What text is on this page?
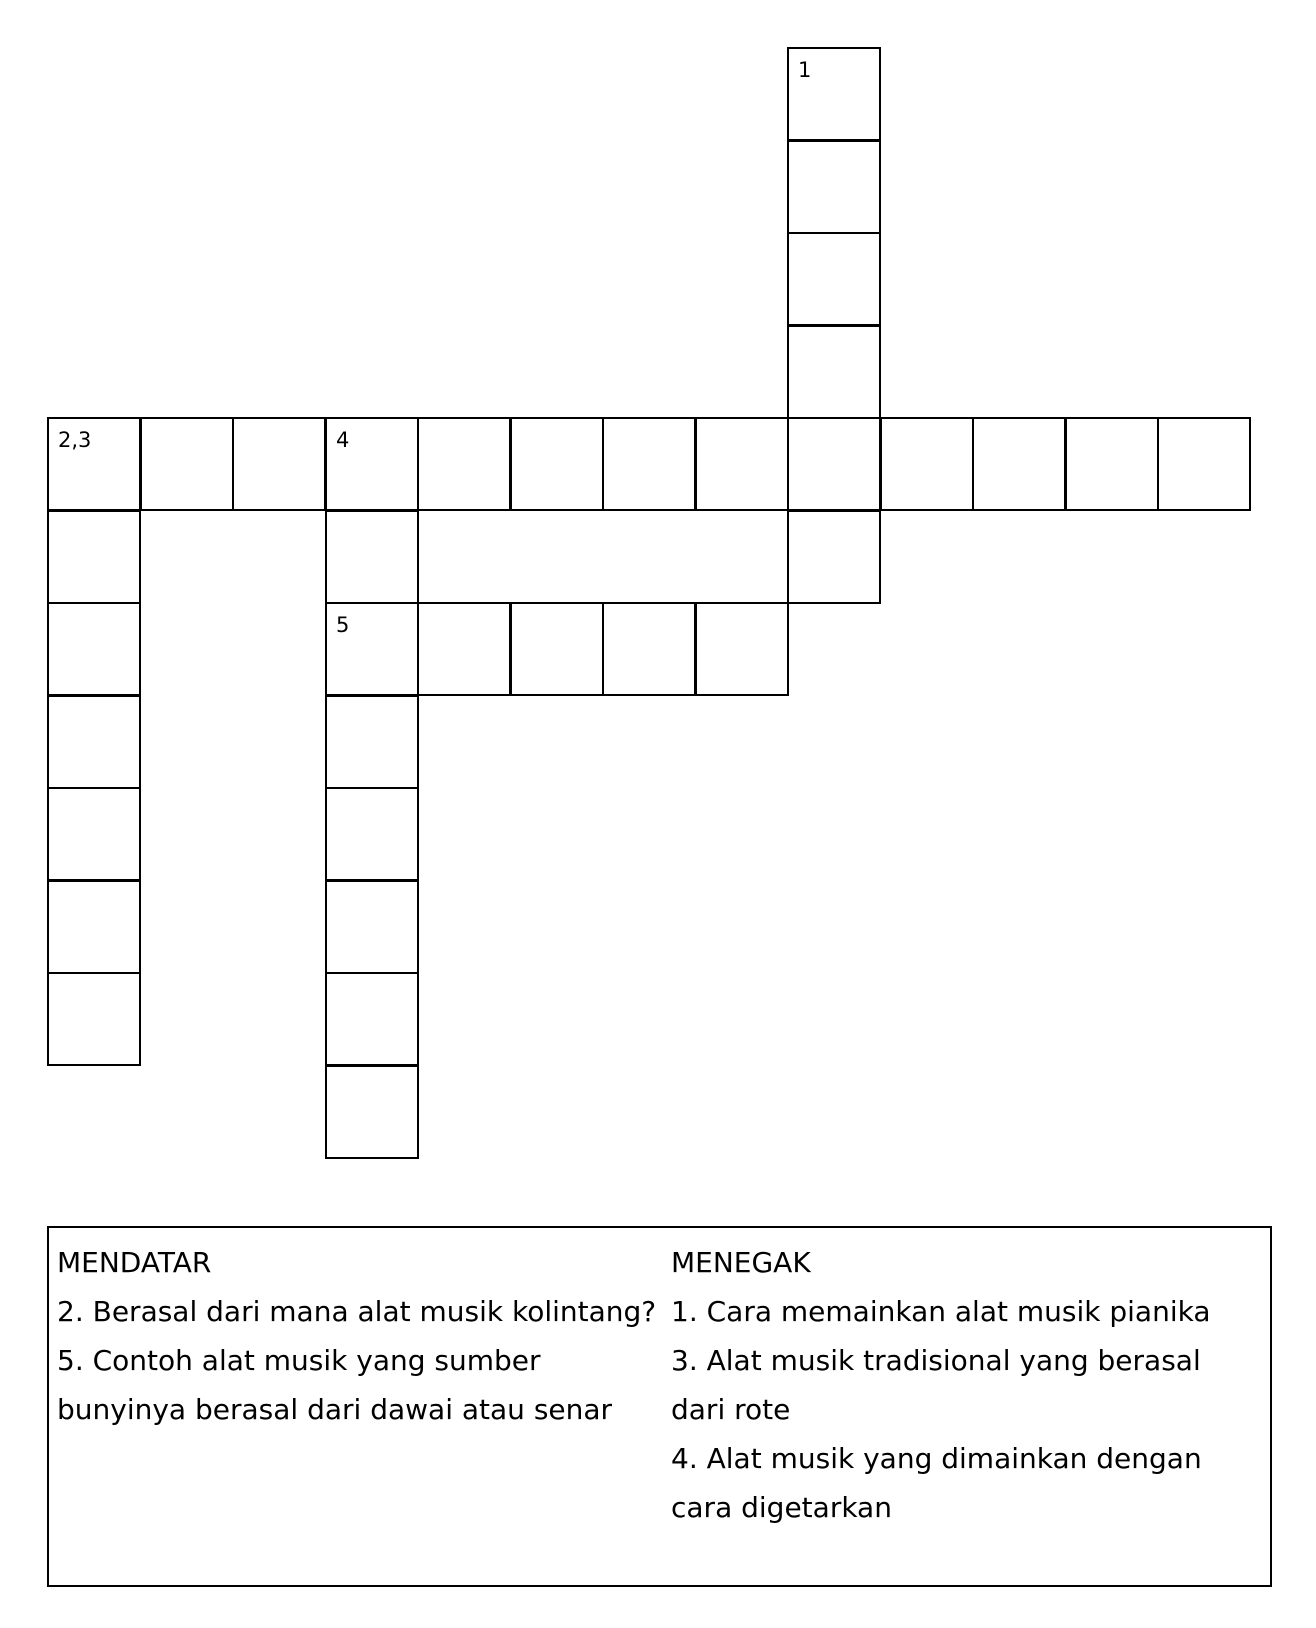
1
2,3	4
5
MENDATAR
2. Berasal dari mana alat musik kolintang?
5. Contoh alat musik yang sumber bunyinya berasal dari dawai atau senar
MENEGAK
1. Cara memainkan alat musik pianika
3. Alat musik tradisional yang berasal dari rote
4. Alat musik yang dimainkan dengan cara digetarkan
